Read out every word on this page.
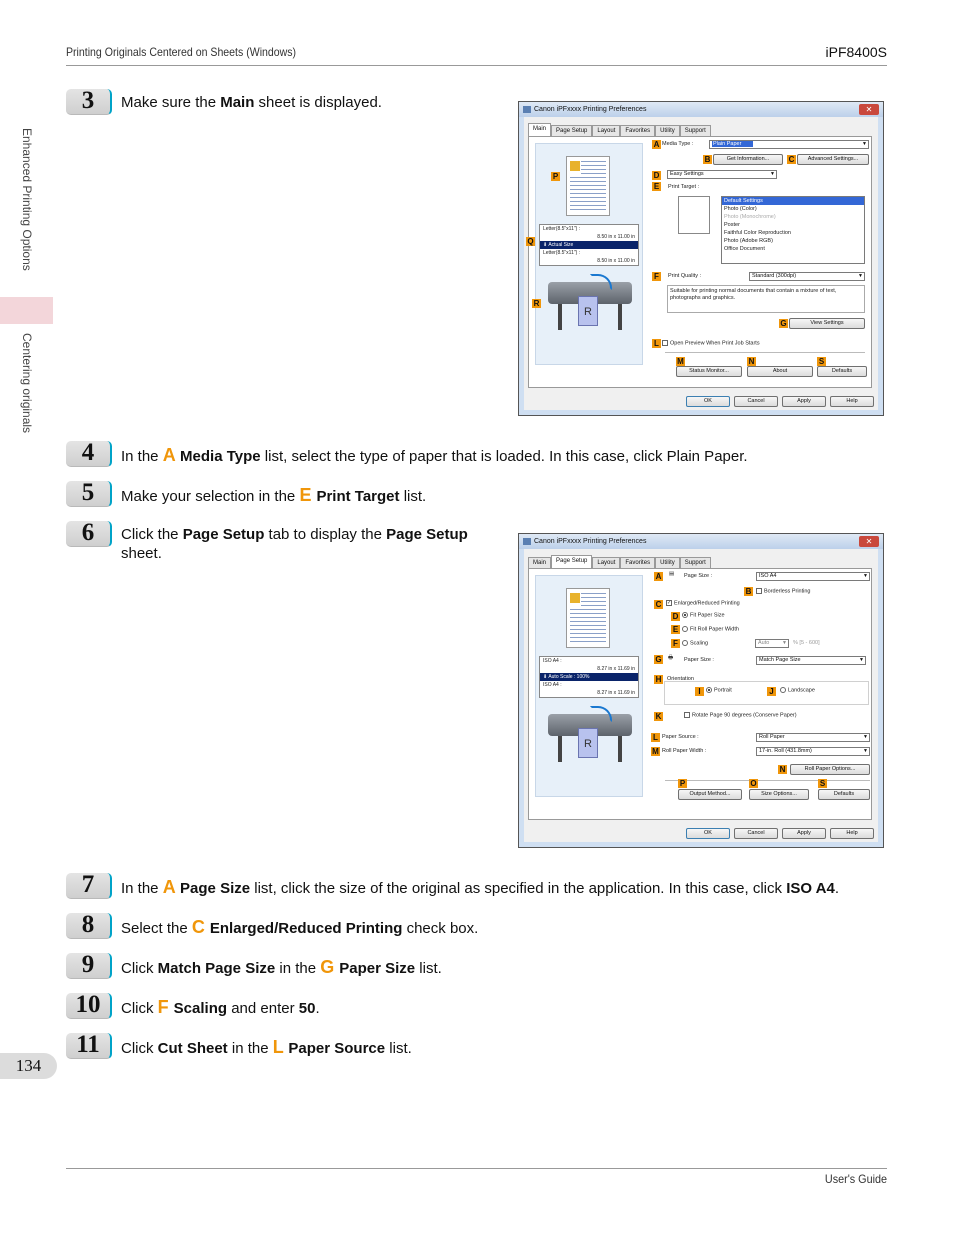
Printing Originals Centered on Sheets (Windows)	iPF8400S
Enhanced Printing Options
Centering originals
134
User's Guide
3	Make sure the Main sheet is displayed.
4	In the A Media Type list, select the type of paper that is loaded. In this case, click Plain Paper.
5	Make your selection in the E Print Target list.
6	Click the Page Setup tab to display the Page Setup sheet.
7	In the A Page Size list, click the size of the original as specified in the application. In this case, click ISO A4.
8	Select the C Enlarged/Reduced Printing check box.
9	Click Match Page Size in the G Paper Size list.
10	Click F Scaling and enter 50.
11	Click Cut Sheet in the L Paper Source list.
Canon iPFxxxx Printing Preferences	✕
Main	Page Setup	Layout	Favorites	Utility	Support
Letter(8.5"x11") :
8.50 in x 11.00 in
⬇ Actual Size
Letter(8.5"x11") :
8.50 in x 11.00 in
R
P
Q
R
A Media Type :	Plain Paper ▼
B	Get Information...	C	Advanced Settings...
D	Easy Settings ▼
E	Print Target :
Default Settings
Photo (Color)
Photo (Monochrome)
Poster
Faithful Color Reproduction
Photo (Adobe RGB)
Office Document
F	Print Quality :	Standard (300dpi) ▼
Suitable for printing normal documents that contain a mixture of text, photographs and graphics.
G	View Settings
L	Open Preview When Print Job Starts
M
Status Monitor...
N
About
S
Defaults
OK	Cancel	Apply	Help
Canon iPFxxxx Printing Preferences	✕
Main	Page Setup	Layout	Favorites	Utility	Support
ISO A4 :
8.27 in x 11.69 in
⬇ Auto Scale : 100%
ISO A4 :
8.27 in x 11.69 in
R
A ▤ Page Size :	ISO A4 ▼
B	Borderless Printing
C	✓ Enlarged/Reduced Printing
D	Fit Paper Size
E	Fit Roll Paper Width
F	Scaling	Auto ▼	% [5 - 600]
G 🖶 Paper Size :	Match Page Size ▼
H Orientation
I	Portrait	J	Landscape
K	Rotate Page 90 degrees (Conserve Paper)
L Paper Source :	Roll Paper ▼
M Roll Paper Width :	17-in. Roll (431.8mm) ▼
N	Roll Paper Options...
P
Output Method...
O
Size Options...
S
Defaults
OK	Cancel	Apply	Help
